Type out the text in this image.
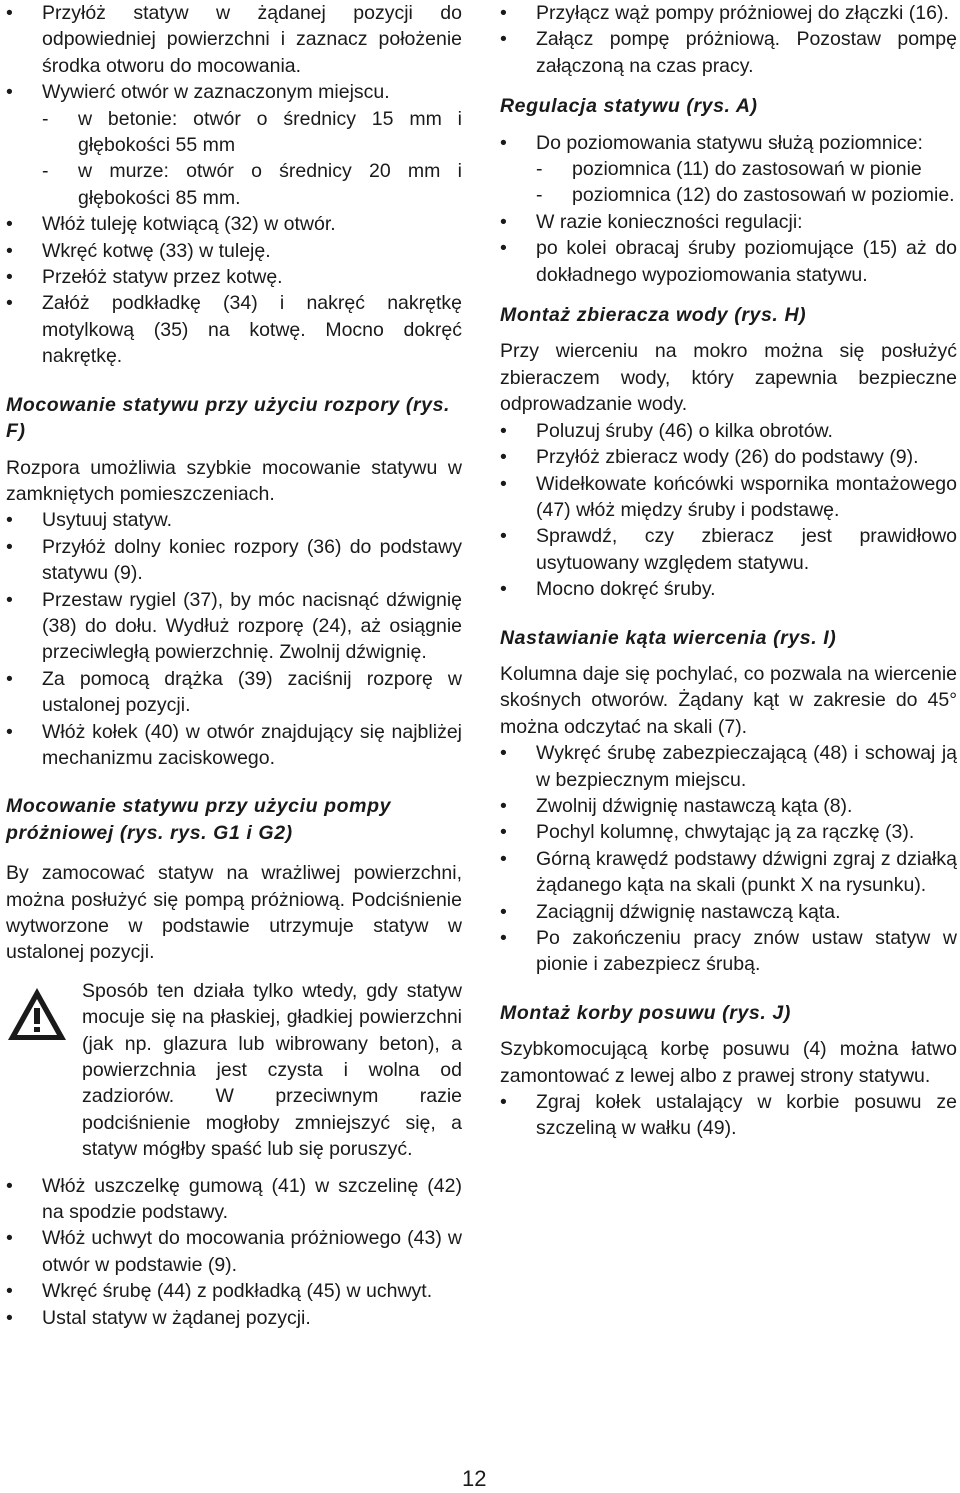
• Przyłóż statyw w żądanej pozycji do odpowiedniej powierzchni i zaznacz położenie środka otworu do mocowania.
• Wywierć otwór w zaznaczonym miejscu.
- w betonie: otwór o średnicy 15 mm i głębokości 55 mm
- w murze: otwór o średnicy 20 mm i głębokości 85 mm.
• Włóż tuleję kotwiącą (32) w otwór.
• Wkręć kotwę (33) w tuleję.
• Przełóż statyw przez kotwę.
• Załóż podkładkę (34) i nakręć nakrętkę motylkową (35) na kotwę. Mocno dokręć nakrętkę.
Mocowanie statywu przy użyciu rozpory (rys. F)

Rozpora umożliwia szybkie mocowanie statywu w zamkniętych pomieszczeniach.

• Usytuuj statyw.
• Przyłóż dolny koniec rozpory (36) do podstawy statywu (9).
• Przestaw rygiel (37), by móc nacisnąć dźwignię (38) do dołu. Wydłuż rozporę (24), aż osiągnie przeciwległą powierzchnię. Zwolnij dźwignię.
• Za pomocą drążka (39) zaciśnij rozporę w ustalonej pozycji.
• Włóż kołek (40) w otwór znajdujący się najbliżej mechanizmu zaciskowego.
Mocowanie statywu przy użyciu pompy próżniowej (rys. rys. G1 i G2)

By zamocować statyw na wrażliwej powierzchni, można posłużyć się pompą próżniową. Podciśnienie wytworzone w podstawie utrzymuje statyw w ustalonej pozycji.

Sposób ten działa tylko wtedy, gdy statyw mocuje się na płaskiej, gładkiej powierzchni (jak np. glazura lub wibrowany beton), a powierzchnia jest czysta i wolna od zadziorów. W przeciwnym razie podciśnienie mogłoby zmniejszyć się, a statyw mógłby spaść lub się poruszyć.

• Włóż uszczelkę gumową (41) w szczelinę (42) na spodzie podstawy.
• Włóż uchwyt do mocowania próżniowego (43) w otwór w podstawie (9).
• Wkręć śrubę (44) z podkładką (45) w uchwyt.
• Ustal statyw w żądanej pozycji.
• Przyłącz wąż pompy próżniowej do złączki (16).
• Załącz pompę próżniową. Pozostaw pompę załączoną na czas pracy.
Regulacja statywu (rys. A)
• Do poziomowania statywu służą poziomnice:
- poziomnica (11) do zastosowań w pionie
- poziomnica (12) do zastosowań w poziomie.
• W razie konieczności regulacji:
• po kolei obracaj śruby poziomujące (15) aż do dokładnego wypoziomowania statywu.
Montaż zbieracza wody (rys. H)

Przy wierceniu na mokro można się posłużyć zbieraczem wody, który zapewnia bezpieczne odprowadzanie wody.

• Poluzuj śruby (46) o kilka obrotów.
• Przyłóż zbieracz wody (26) do podstawy (9).
• Widełkowate końcówki wspornika montażowego (47) włóż między śruby i podstawę.
• Sprawdź, czy zbieracz jest prawidłowo usytuowany względem statywu.
• Mocno dokręć śruby.
Nastawianie kąta wiercenia (rys. I)

Kolumna daje się pochylać, co pozwala na wiercenie skośnych otworów. Żądany kąt w zakresie do 45° można odczytać na skali (7).

• Wykręć śrubę zabezpieczającą (48) i schowaj ją w bezpiecznym miejscu.
• Zwolnij dźwignię nastawczą kąta (8).
• Pochyl kolumnę, chwytając ją za rączkę (3).
• Górną krawędź podstawy dźwigni zgraj z działką żądanego kąta na skali (punkt X na rysunku).
• Zaciągnij dźwignię nastawczą kąta.
• Po zakończeniu pracy znów ustaw statyw w pionie i zabezpiecz śrubą.
Montaż korby posuwu (rys. J)

Szybkomocującą korbę posuwu (4) można łatwo zamontować z lewej albo z prawej strony statywu.

• Zgraj kołek ustalający w korbie posuwu ze szczeliną w wałku (49).
12
